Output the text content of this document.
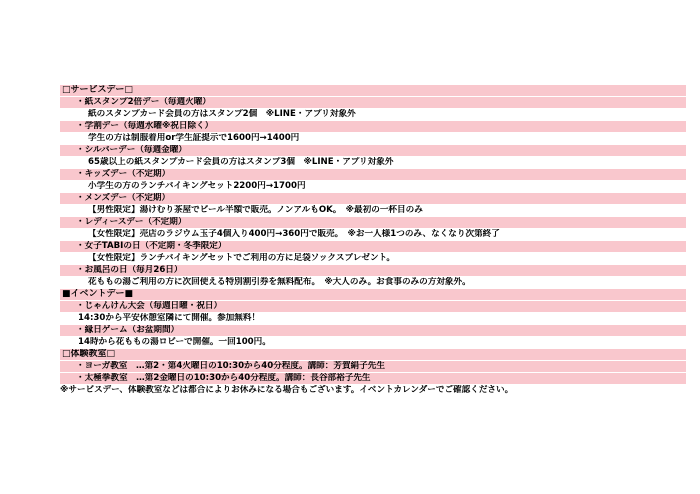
□サービスデー□
・紙スタンプ2倍デー（毎週火曜）
紙のスタンプカード会員の方はスタンプ2個　※LINE・アプリ対象外
・学割デー（毎週水曜※祝日除く）
学生の方は制服着用or学生証提示で1600円→1400円
・シルバーデー（毎週金曜）
65歳以上の紙スタンプカード会員の方はスタンプ3個　※LINE・アプリ対象外
・キッズデー（不定期）
小学生の方のランチバイキングセット2200円→1700円
・メンズデー（不定期）
【男性限定】湯けむり茶屋でビール半額で販売。ノンアルもOK。　※最初の一杯目のみ
・レディースデー（不定期）
【女性限定】売店のラジウム玉子4個入り400円→360円で販売。　※お一人様1つのみ、なくなり次第終了
・女子TABIの日（不定期・冬季限定）
【女性限定】ランチバイキングセットでご利用の方に足袋ソックスプレゼント。
・お風呂の日（毎月26日）
花ももの湯ご利用の方に次回使える特別割引券を無料配布。　※大人のみ。お食事のみの方対象外。
■イベントデー■
・じゃんけん大会（毎週日曜・祝日）
14:30から平安休憩室隣にて開催。参加無料！
・縁日ゲーム（お盆期間）
14時から花ももの湯ロビーで開催。一回100円。
□体験教室□
・ヨーガ教室　…第2・第4火曜日の10:30から40分程度。講師：芳賀絹子先生
・太極拳教室　…第2金曜日の10:30から40分程度。講師：長谷部裕子先生
※サービスデー、体験教室などは都合によりお休みになる場合もございます。イベントカレンダーでご確認ください。
